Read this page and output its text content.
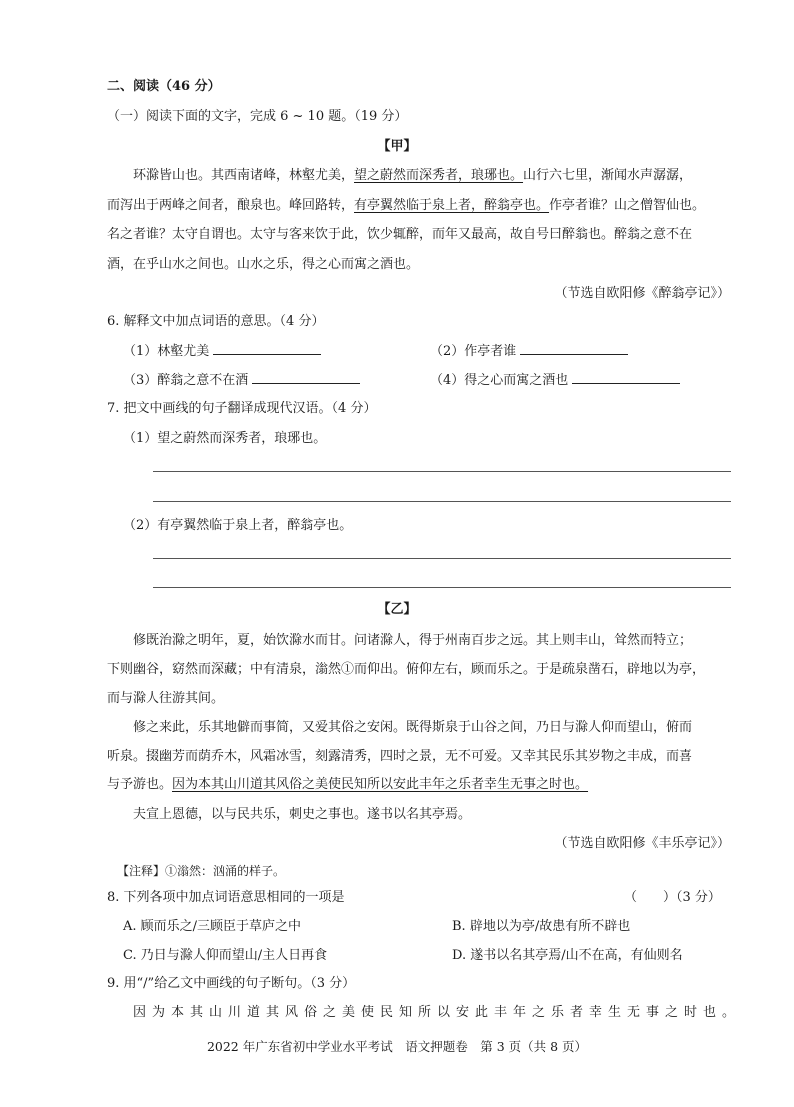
二、阅读（46 分）
（一）阅读下面的文字，完成 6 ~ 10 题。（19 分）
【甲】
环滁皆山也。其西南诸峰，林壑尤美，望之蔚然而深秀者，琅琊也。山行六七里，渐闻水声潺潺，
而泻出于两峰之间者，酿泉也。峰回路转，有亭翼然临于泉上者，醉翁亭也。作亭者谁？山之僧智仙也。
名之者谁？太守自谓也。太守与客来饮于此，饮少辄醉，而年又最高，故自号曰醉翁也。醉翁之意不在
酒，在乎山水之间也。山水之乐，得之心而寓之酒也。
（节选自欧阳修《醉翁亭记》）
6. 解释文中加点词语的意思。（4 分）
（1）林壑尤美	（2）作亭者谁
（3）醉翁之意不在酒	（4）得之心而寓之酒也
7. 把文中画线的句子翻译成现代汉语。（4 分）
（1）望之蔚然而深秀者，琅琊也。
（2）有亭翼然临于泉上者，醉翁亭也。
【乙】
修既治滁之明年，夏，始饮滁水而甘。问诸滁人，得于州南百步之远。其上则丰山，耸然而特立；
下则幽谷，窈然而深藏；中有清泉，滃然①而仰出。俯仰左右，顾而乐之。于是疏泉凿石，辟地以为亭，
而与滁人往游其间。
修之来此，乐其地僻而事简，又爱其俗之安闲。既得斯泉于山谷之间，乃日与滁人仰而望山，俯而
听泉。掇幽芳而荫乔木，风霜冰雪，刻露清秀，四时之景，无不可爱。又幸其民乐其岁物之丰成，而喜
与予游也。因为本其山川道其风俗之美使民知所以安此丰年之乐者幸生无事之时也。
夫宣上恩德，以与民共乐，刺史之事也。遂书以名其亭焉。
（节选自欧阳修《丰乐亭记》）
【注释】①滃然：汹涌的样子。
8. 下列各项中加点词语意思相同的一项是	（　　）（3 分）
A. 顾而乐之/三顾臣于草庐之中	B. 辟地以为亭/故患有所不辟也
C. 乃日与滁人仰而望山/主人日再食	D. 遂书以名其亭焉/山不在高，有仙则名
9. 用“/”给乙文中画线的句子断句。（3 分）
因为本其山川道其风俗之美使民知所以安此丰年之乐者幸生无事之时也。
2022 年广东省初中学业水平考试　语文押题卷　第 3 页（共 8 页）
